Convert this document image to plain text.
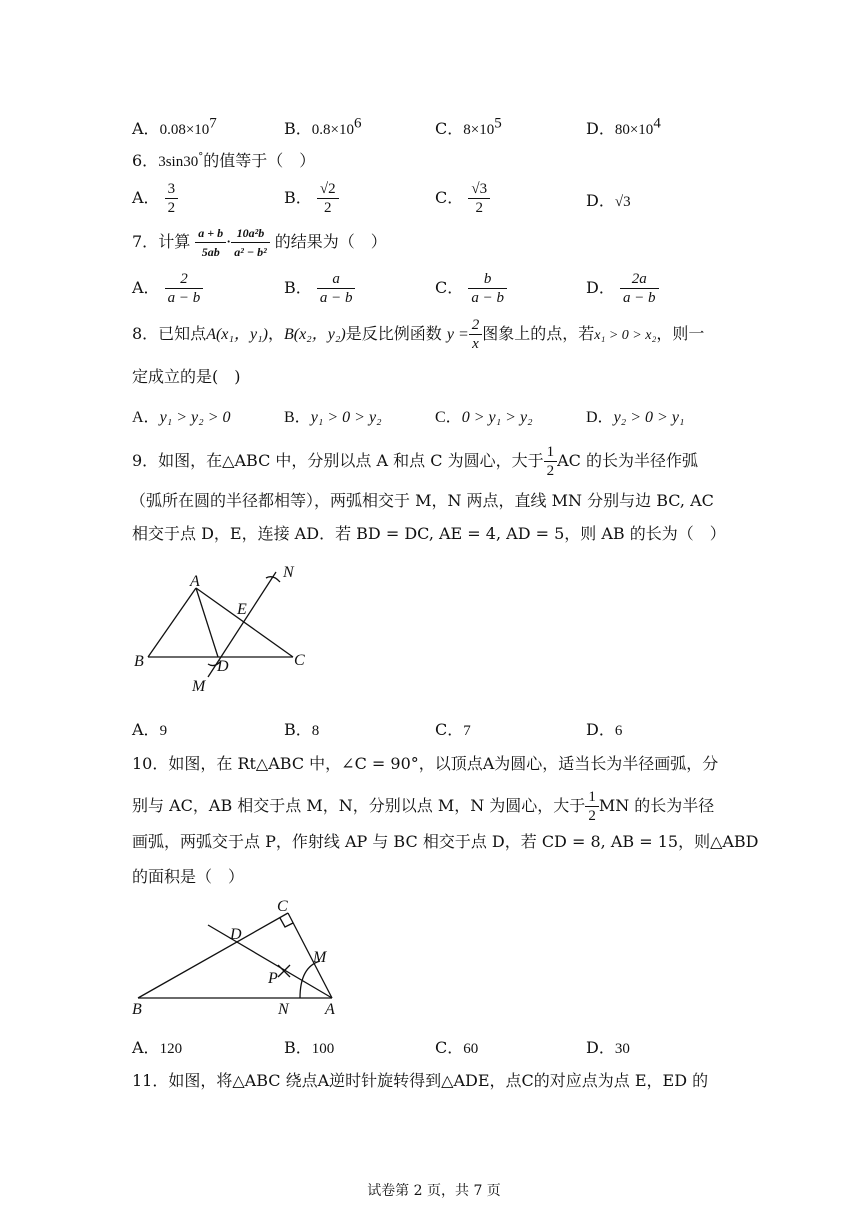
A．$0.08\times 10^7$	B．$0.8\times 10^6$	C．$8\times 10^5$	D．$80\times 10^4$
6．3sin30°的值等于（　）
A． $\frac{3}{2}$	B． $\frac{√2}{2}$	C． $\frac{√3}{2}$	D．√3
7．计算 $\frac{a + b}{5ab} \cdot \frac{\text{10a²b}}{\text{a² − b²}}$ 的结果为（　）
A． $\frac{2}{a - b}$	B． $\frac{a}{a - b}$	C． $\frac{b}{a - b}$	D． $\frac{2a}{a - b}$
8．已知点A(x₁，y₁)，B(x₂，y₂)是反比例函数 $y = \frac{2}{x}$ 图象上的点，若x₁ > 0 > x₂，则一
定成立的是(　)
A．y₁ > y₂ > 0	B．y₁ > 0 > y₂	C．0 > y₁ > y₂	D．y₂ > 0 > y₁
9．如图，在△ABC 中，分别以点 A 和点 C 为圆心，大于 $\frac{1}{2}$ AC 的长为半径作弧
（弧所在圆的半径都相等），两弧相交于 M，N 两点，直线 MN 分别与边 BC, AC
相交于点 D，E，连接 AD．若 BD = DC, AE = 4, AD = 5，则 AB 的长为（　）
A
B	C
D
E
M
N
A．9	B．8	C．7	D．6
10．如图，在 Rt△ABC 中，∠C = 90°，以顶点A为圆心，适当长为半径画弧，分
别与 AC，AB 相交于点 M，N，分别以点 M，N 为圆心，大于 $\frac{1}{2}$ MN 的长为半径
画弧，两弧交于点 P，作射线 AP 与 BC 相交于点 D，若 CD = 8, AB = 15，则△ABD
的面积是（　）
A
B
C
D
M
N
P
A．120	B．100	C．60	D．30
11．如图，将△ABC 绕点A逆时针旋转得到△ADE，点C的对应点为点 E，ED 的
试卷第 2 页，共 7 页
